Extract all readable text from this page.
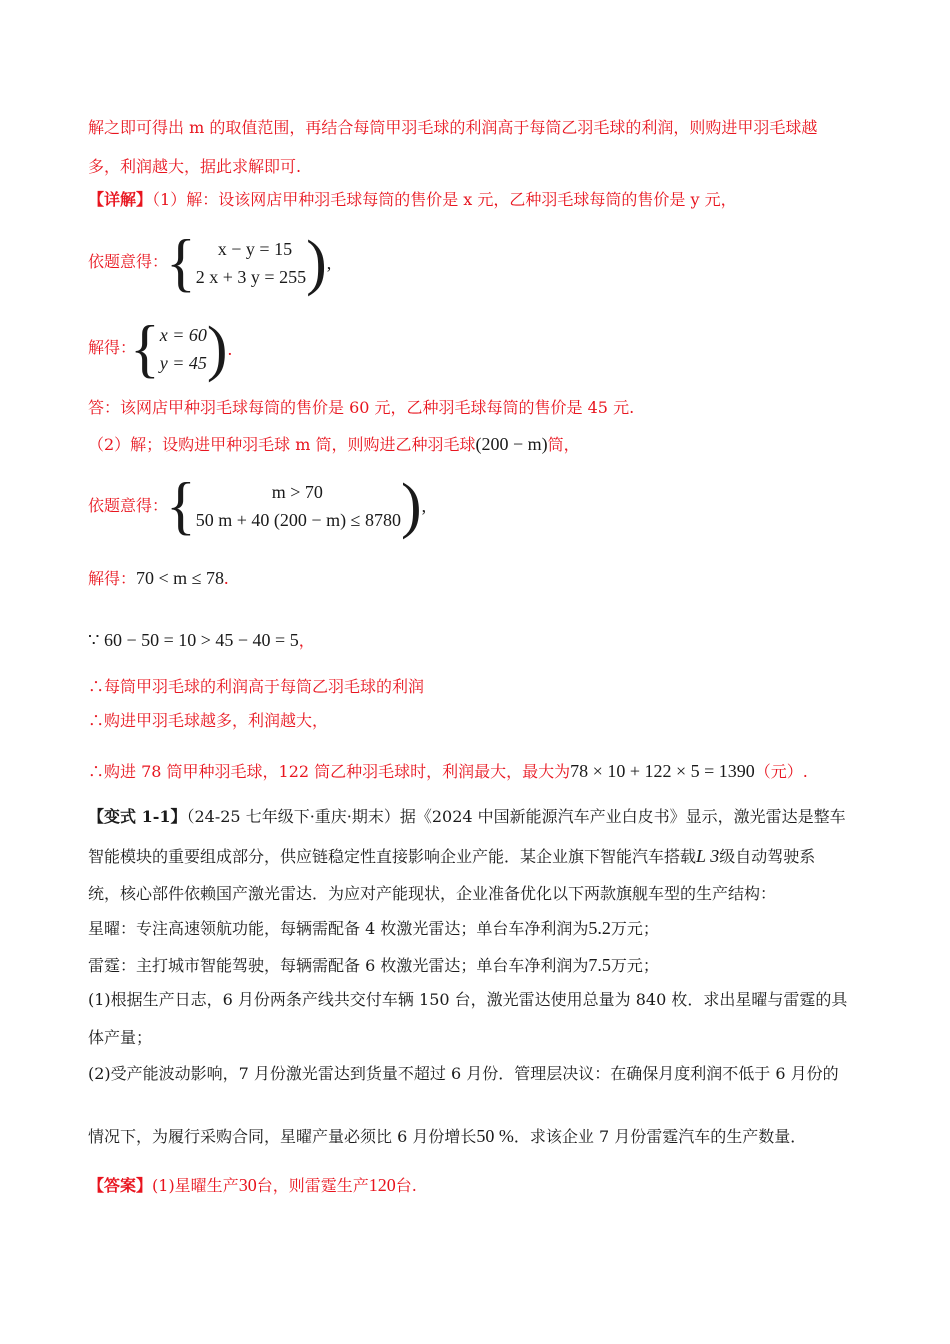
解之即可得出 m 的取值范围，再结合每筒甲羽毛球的利润高于每筒乙羽毛球的利润，则购进甲羽毛球越
多，利润越大，据此求解即可.
【详解】（1）解：设该网店甲种羽毛球每筒的售价是 x 元，乙种羽毛球每筒的售价是 y 元，
依题意得：
{	x − y = 15
2 x + 3 y = 255 ) ,
解得：
{ x = 60
y = 45 ) .
答：该网店甲种羽毛球每筒的售价是 60 元，乙种羽毛球每筒的售价是 45 元.
（2）解；设购进甲种羽毛球 m 筒，则购进乙种羽毛球(200 − m)筒，
依题意得：
{	m > 70
50 m + 40 (200 − m) ≤ 8780 ) ,
解得：70 < m ≤ 78.
∵ 60 − 50 = 10 > 45 − 40 = 5，
∴每筒甲羽毛球的利润高于每筒乙羽毛球的利润
∴购进甲羽毛球越多，利润越大，
∴购进 78 筒甲种羽毛球，122 筒乙种羽毛球时，利润最大，最大为78 × 10 + 122 × 5 = 1390（元）.
【变式 1-1】（24-25 七年级下·重庆·期末）据《2024 中国新能源汽车产业白皮书》显示，激光雷达是整车
智能模块的重要组成部分，供应链稳定性直接影响企业产能．某企业旗下智能汽车搭载L 3级自动驾驶系
统，核心部件依赖国产激光雷达．为应对产能现状，企业准备优化以下两款旗舰车型的生产结构：
星曜：专注高速领航功能，每辆需配备 4 枚激光雷达；单台车净利润为5.2万元；
雷霆：主打城市智能驾驶，每辆需配备 6 枚激光雷达；单台车净利润为7.5万元；
(1)根据生产日志，6 月份两条产线共交付车辆 150 台，激光雷达使用总量为 840 枚．求出星曜与雷霆的具
体产量；
(2)受产能波动影响，7 月份激光雷达到货量不超过 6 月份．管理层决议：在确保月度利润不低于 6 月份的
情况下，为履行采购合同，星曜产量必须比 6 月份增长50 %．求该企业 7 月份雷霆汽车的生产数量．
【答案】(1)星曜生产30台，则雷霆生产120台.
